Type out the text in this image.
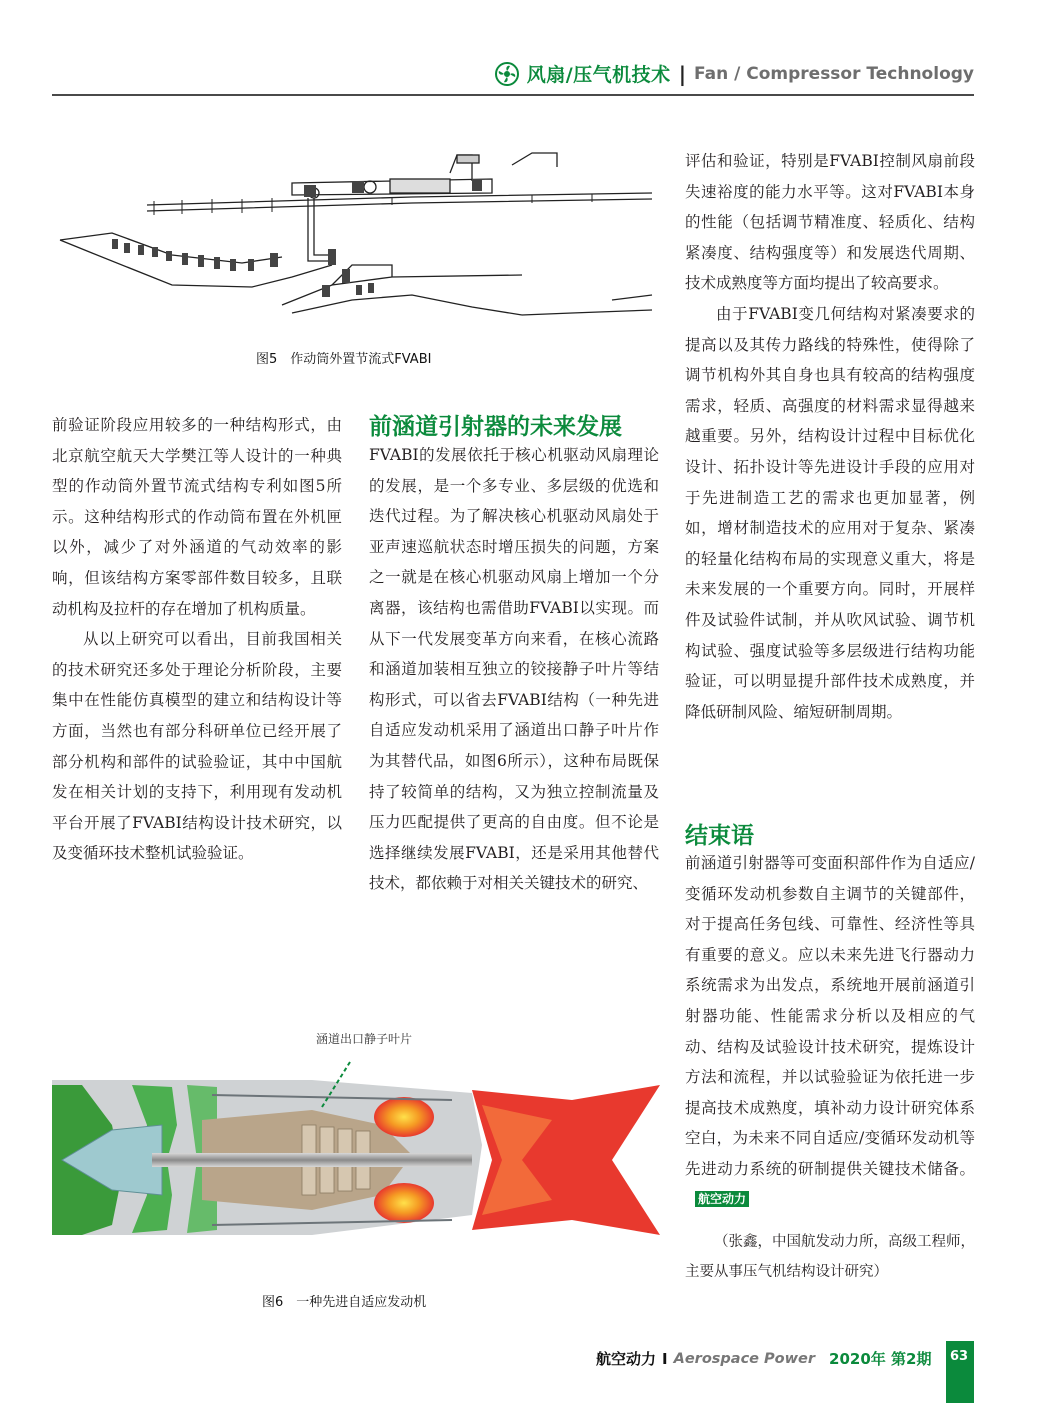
风扇/压气机技术 | Fan / Compressor Technology
图5　作动筒外置节流式FVABI

前验证阶段应用较多的一种结构形式，由北京航空航天大学樊江等人设计的一种典型的作动筒外置节流式结构专利如图5所示。这种结构形式的作动筒布置在外机匣以外，减少了对外涵道的气动效率的影响，但该结构方案零部件数目较多，且联动机构及拉杆的存在增加了机构质量。

从以上研究可以看出，目前我国相关的技术研究还多处于理论分析阶段，主要集中在性能仿真模型的建立和结构设计等方面，当然也有部分科研单位已经开展了部分机构和部件的试验验证，其中中国航发在相关计划的支持下，利用现有发动机平台开展了FVABI结构设计技术研究，以及变循环技术整机试验验证。

前涵道引射器的未来发展

FVABI的发展依托于核心机驱动风扇理论的发展，是一个多专业、多层级的优选和迭代过程。为了解决核心机驱动风扇处于亚声速巡航状态时增压损失的问题，方案之一就是在核心机驱动风扇上增加一个分离器，该结构也需借助FVABI以实现。而从下一代发展变革方向来看，在核心流路和涵道加装相互独立的铰接静子叶片等结构形式，可以省去FVABI结构（一种先进自适应发动机采用了涵道出口静子叶片作为其替代品，如图6所示），这种布局既保持了较简单的结构，又为独立控制流量及压力匹配提供了更高的自由度。但不论是选择继续发展FVABI，还是采用其他替代技术，都依赖于对相关关键技术的研究、

评估和验证，特别是FVABI控制风扇前段失速裕度的能力水平等。这对FVABI本身的性能（包括调节精准度、轻质化、结构紧凑度、结构强度等）和发展迭代周期、技术成熟度等方面均提出了较高要求。

由于FVABI变几何结构对紧凑要求的提高以及其传力路线的特殊性，使得除了调节机构外其自身也具有较高的结构强度需求，轻质、高强度的材料需求显得越来越重要。另外，结构设计过程中目标优化设计、拓扑设计等先进设计手段的应用对于先进制造工艺的需求也更加显著，例如，增材制造技术的应用对于复杂、紧凑的轻量化结构布局的实现意义重大，将是未来发展的一个重要方向。同时，开展样件及试验件试制，并从吹风试验、调节机构试验、强度试验等多层级进行结构功能验证，可以明显提升部件技术成熟度，并降低研制风险、缩短研制周期。

结束语

前涵道引射器等可变面积部件作为自适应/变循环发动机参数自主调节的关键部件，对于提高任务包线、可靠性、经济性等具有重要的意义。应以未来先进飞行器动力系统需求为出发点，系统地开展前涵道引射器功能、性能需求分析以及相应的气动、结构及试验设计技术研究，提炼设计方法和流程，并以试验验证为依托进一步提高技术成熟度，填补动力设计研究体系空白，为未来不同自适应/变循环发动机等先进动力系统的研制提供关键技术储备。航空动力

（张鑫，中国航发动力所，高级工程师，主要从事压气机结构设计研究）

涵道出口静子叶片
图6　一种先进自适应发动机
航空动力 I Aerospace Power 2020年 第2期 63
